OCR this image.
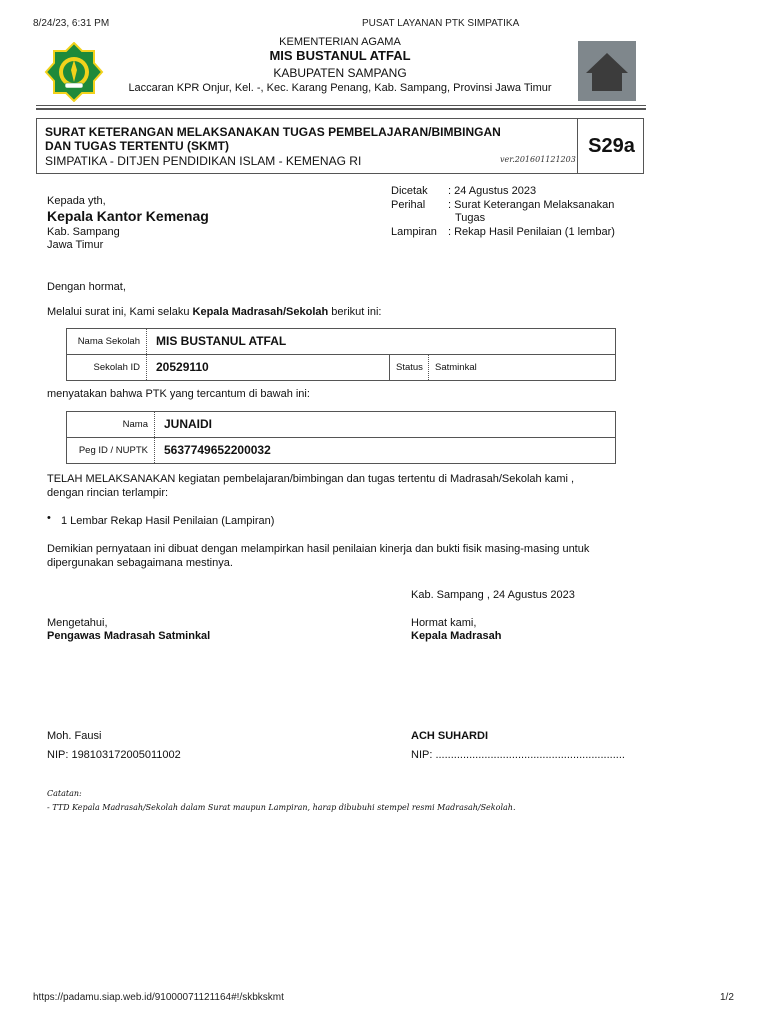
8/24/23, 6:31 PM	PUSAT LAYANAN PTK SIMPATIKA
KEMENTERIAN AGAMA
MIS BUSTANUL ATFAL
KABUPATEN SAMPANG
Laccaran KPR Onjur, Kel. -, Kec. Karang Penang, Kab. Sampang, Provinsi Jawa Timur
SURAT KETERANGAN MELAKSANAKAN TUGAS PEMBELAJARAN/BIMBINGAN
DAN TUGAS TERTENTU (SKMT)
SIMPATIKA - DITJEN PENDIDIKAN ISLAM - KEMENAG RI	ver.201601121203
S29a
Kepada yth,
Kepala Kantor Kemenag
Kab. Sampang
Jawa Timur
Dicetak : 24 Agustus 2023
Perihal : Surat Keterangan Melaksanakan
Tugas
Lampiran : Rekap Hasil Penilaian (1 lembar)
Dengan hormat,
Melalui surat ini, Kami selaku Kepala Madrasah/Sekolah berikut ini:
Nama Sekolah	MIS BUSTANUL ATFAL
Sekolah ID	20529110	Status	Satminkal
menyatakan bahwa PTK yang tercantum di bawah ini:
Nama	JUNAIDI
Peg ID / NUPTK	5637749652200032
TELAH MELAKSANAKAN kegiatan pembelajaran/bimbingan dan tugas tertentu di Madrasah/Sekolah kami ,
dengan rincian terlampir:
• 1 Lembar Rekap Hasil Penilaian (Lampiran)
Demikian pernyataan ini dibuat dengan melampirkan hasil penilaian kinerja dan bukti fisik masing-masing untuk
dipergunakan sebagaimana mestinya.
Kab. Sampang , 24 Agustus 2023
Mengetahui,
Pengawas Madrasah Satminkal
Hormat kami,
Kepala Madrasah
Moh. Fausi
NIP: 198103172005011002
ACH SUHARDI
NIP: ..............................................................
Catatan:
- TTD Kepala Madrasah/Sekolah dalam Surat maupun Lampiran, harap dibubuhi stempel resmi Madrasah/Sekolah.
https://padamu.siap.web.id/91000071121164#!/skbkskmt	1/2
